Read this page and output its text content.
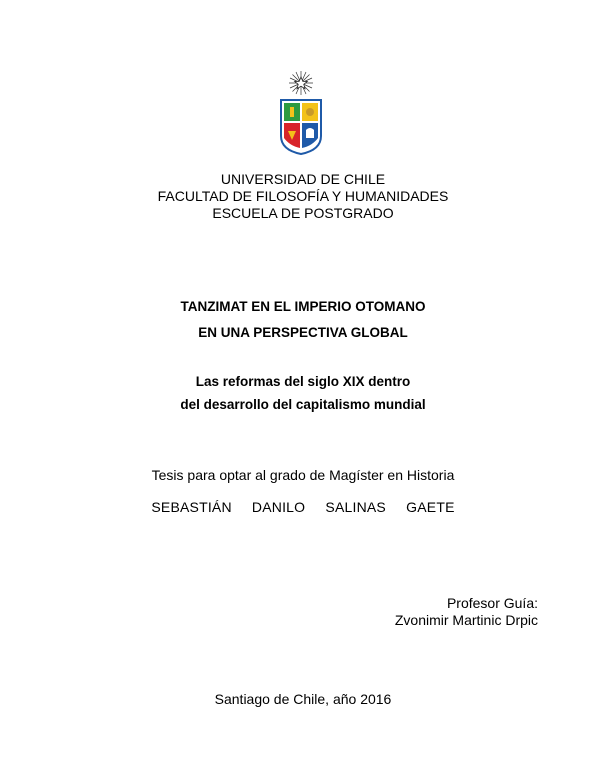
UNIVERSIDAD DE CHILE
FACULTAD DE FILOSOFÍA Y HUMANIDADES
ESCUELA DE POSTGRADO
TANZIMAT EN EL IMPERIO OTOMANO
EN UNA PERSPECTIVA GLOBAL
Las reformas del siglo XIX dentro
del desarrollo del capitalismo mundial
Tesis para optar al grado de Magíster en Historia
SEBASTIÁN  DANILO  SALINAS  GAETE
Profesor Guía:
Zvonimir Martinic Drpic
Santiago de Chile, año 2016
